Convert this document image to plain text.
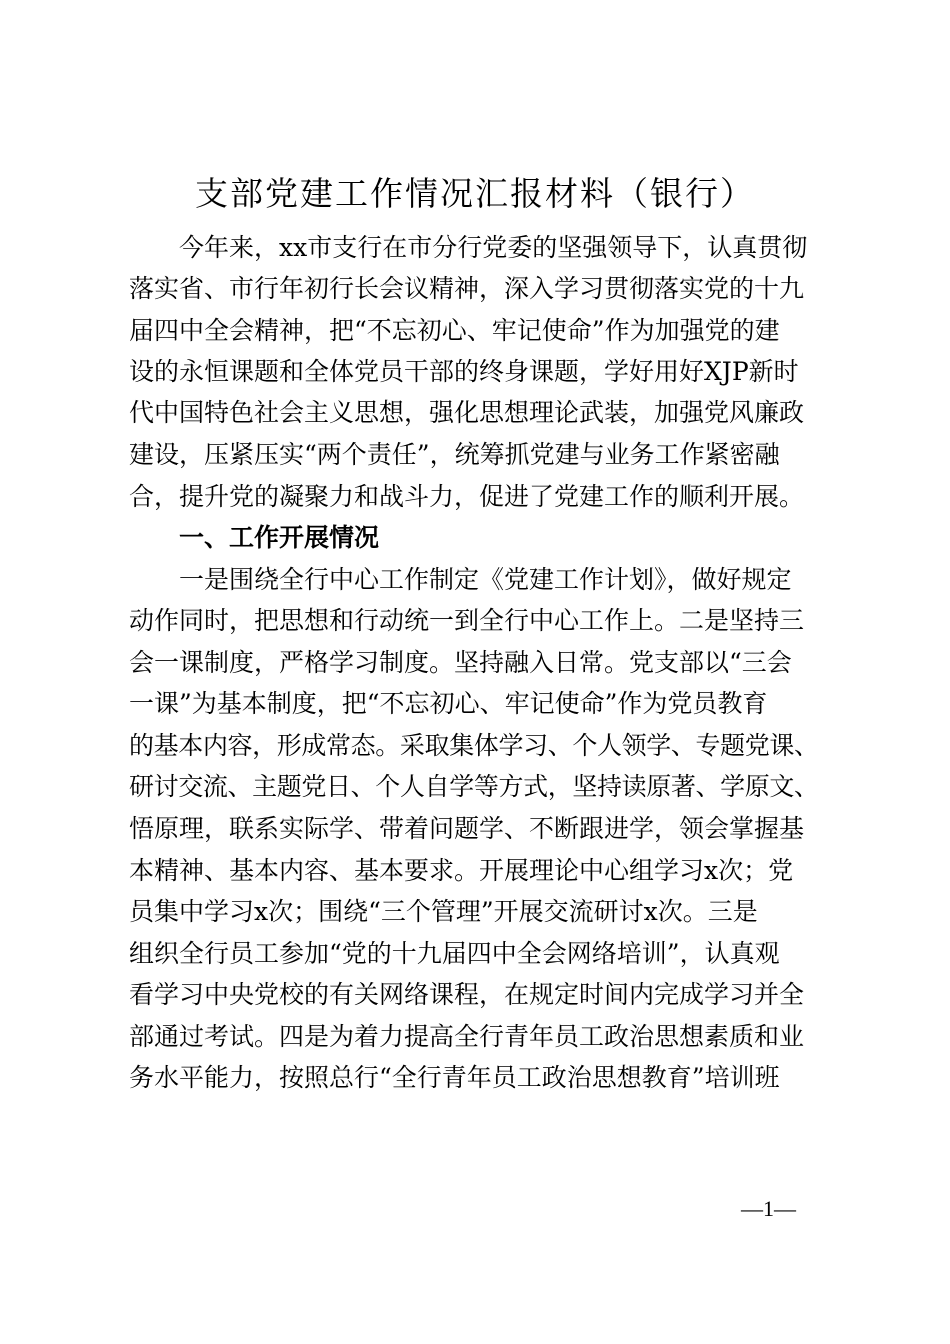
支部党建工作情况汇报材料（银行）
　　今年来，xx市支行在市分行党委的坚强领导下，认真贯彻
落实省、市行年初行长会议精神，深入学习贯彻落实党的十九
届四中全会精神，把“不忘初心、牢记使命”作为加强党的建
设的永恒课题和全体党员干部的终身课题，学好用好XJP新时
代中国特色社会主义思想，强化思想理论武装，加强党风廉政
建设，压紧压实“两个责任”，统筹抓党建与业务工作紧密融
合，提升党的凝聚力和战斗力，促进了党建工作的顺利开展。
　　一、工作开展情况
　　一是围绕全行中心工作制定《党建工作计划》，做好规定
动作同时，把思想和行动统一到全行中心工作上。二是坚持三
会一课制度，严格学习制度。坚持融入日常。党支部以“三会
一课”为基本制度，把“不忘初心、牢记使命”作为党员教育
的基本内容，形成常态。采取集体学习、个人领学、专题党课、
研讨交流、主题党日、个人自学等方式，坚持读原著、学原文、
悟原理，联系实际学、带着问题学、不断跟进学，领会掌握基
本精神、基本内容、基本要求。开展理论中心组学习x次；党
员集中学习x次；围绕“三个管理”开展交流研讨x次。三是
组织全行员工参加“党的十九届四中全会网络培训”，认真观
看学习中央党校的有关网络课程，在规定时间内完成学习并全
部通过考试。四是为着力提高全行青年员工政治思想素质和业
务水平能力，按照总行“全行青年员工政治思想教育”培训班
—1—
